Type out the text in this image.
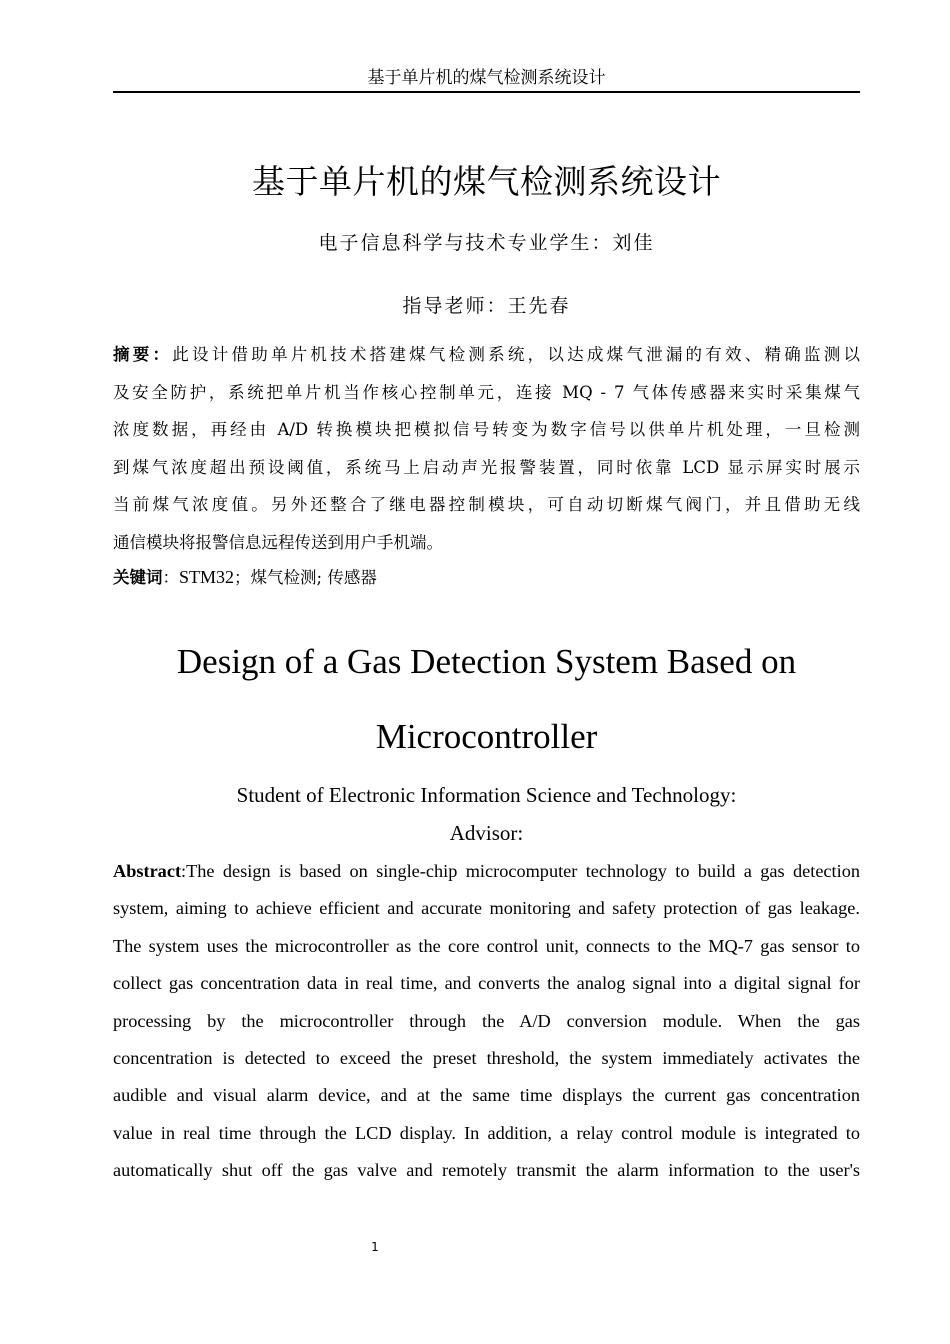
基于单片机的煤气检测系统设计
基于单片机的煤气检测系统设计
电子信息科学与技术专业学生：刘佳
指导老师：王先春
摘要：此设计借助单片机技术搭建煤气检测系统，以达成煤气泄漏的有效、精确监测以
及安全防护，系统把单片机当作核心控制单元，连接 MQ - 7 气体传感器来实时采集煤气
浓度数据，再经由 A/D 转换模块把模拟信号转变为数字信号以供单片机处理，一旦检测
到煤气浓度超出预设阈值，系统马上启动声光报警装置，同时依靠 LCD 显示屏实时展示
当前煤气浓度值。另外还整合了继电器控制模块，可自动切断煤气阀门，并且借助无线
通信模块将报警信息远程传送到用户手机端。
关键词：STM32；煤气检测; 传感器
Design of a Gas Detection System Based on
Microcontroller
Student of Electronic Information Science and Technology:
Advisor:
Abstract:The design is based on single-chip microcomputer technology to build a gas detection
system, aiming to achieve efficient and accurate monitoring and safety protection of gas leakage.
The system uses the microcontroller as the core control unit, connects to the MQ-7 gas sensor to
collect gas concentration data in real time, and converts the analog signal into a digital signal for
processing by the microcontroller through the A/D conversion module. When the gas
concentration is detected to exceed the preset threshold, the system immediately activates the
audible and visual alarm device, and at the same time displays the current gas concentration
value in real time through the LCD display. In addition, a relay control module is integrated to
automatically shut off the gas valve and remotely transmit the alarm information to the user's
1
